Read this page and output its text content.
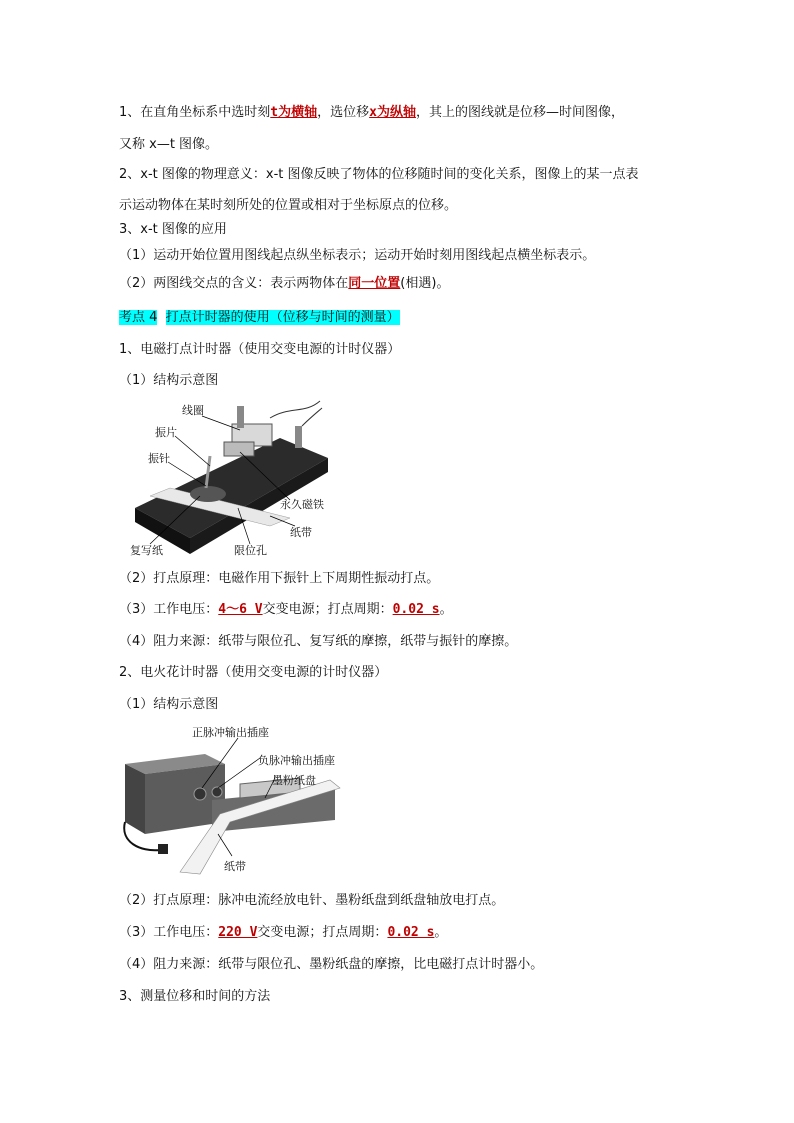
1、在直角坐标系中选时刻t为横轴，选位移x为纵轴，其上的图线就是位移—时间图像，
又称 x—t 图像。
2、x-t 图像的物理意义：x-t 图像反映了物体的位移随时间的变化关系，图像上的某一点表
示运动物体在某时刻所处的位置或相对于坐标原点的位移。
3、x-t 图像的应用
（1）运动开始位置用图线起点纵坐标表示；运动开始时刻用图线起点横坐标表示。
（2）两图线交点的含义：表示两物体在同一位置(相遇)。
考点 4 打点计时器的使用（位移与时间的测量）
1、电磁打点计时器（使用交变电源的计时仪器）
（1）结构示意图
线圈
振片
振针
永久磁铁
复写纸	限位孔
纸带
（2）打点原理：电磁作用下振针上下周期性振动打点。
（3）工作电压：4～6 V交变电源；打点周期：0.02 s。
（4）阻力来源：纸带与限位孔、复写纸的摩擦，纸带与振针的摩擦。
2、电火花计时器（使用交变电源的计时仪器）
（1）结构示意图
正脉冲输出插座
负脉冲输出插座
墨粉纸盘
纸带
（2）打点原理：脉冲电流经放电针、墨粉纸盘到纸盘轴放电打点。
（3）工作电压：220 V交变电源；打点周期：0.02 s。
（4）阻力来源：纸带与限位孔、墨粉纸盘的摩擦，比电磁打点计时器小。
3、测量位移和时间的方法
